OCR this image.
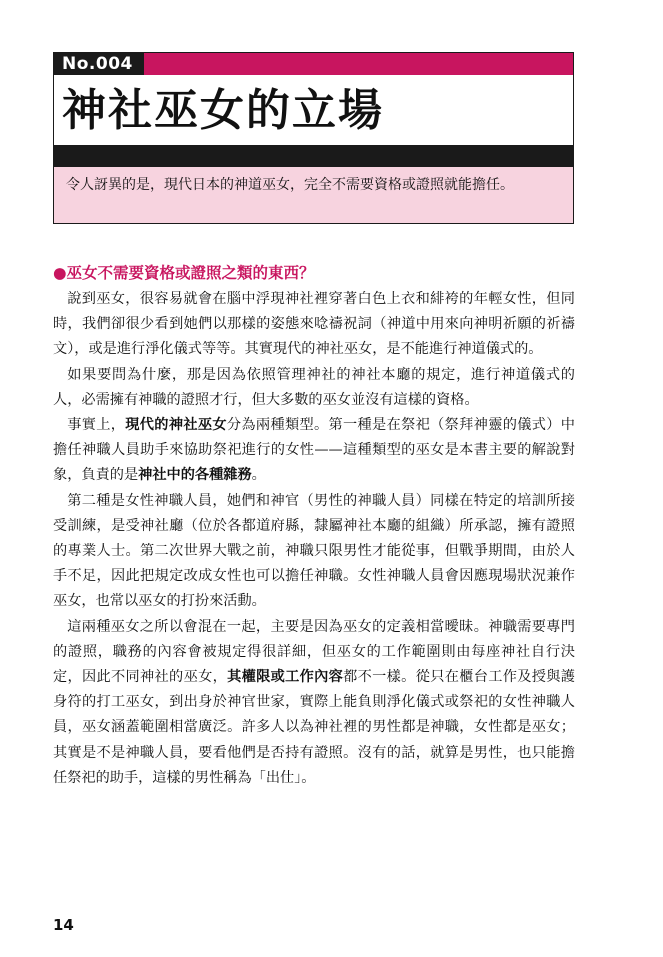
No.004
神社巫女的立場
令人訝異的是，現代日本的神道巫女，完全不需要資格或證照就能擔任。
●巫女不需要資格或證照之類的東西？

說到巫女，很容易就會在腦中浮現神社裡穿著白色上衣和緋袴的年輕女性，但同時，我們卻很少看到她們以那樣的姿態來唸禱祝詞（神道中用來向神明祈願的祈禱文），或是進行淨化儀式等等。其實現代的神社巫女，是不能進行神道儀式的。

如果要問為什麼，那是因為依照管理神社的神社本廳的規定，進行神道儀式的人，必需擁有神職的證照才行，但大多數的巫女並沒有這樣的資格。

事實上，現代的神社巫女分為兩種類型。第一種是在祭祀（祭拜神靈的儀式）中擔任神職人員助手來協助祭祀進行的女性——這種類型的巫女是本書主要的解說對象，負責的是神社中的各種雜務。

第二種是女性神職人員，她們和神官（男性的神職人員）同樣在特定的培訓所接受訓練，是受神社廳（位於各都道府縣，隸屬神社本廳的組織）所承認，擁有證照的專業人士。第二次世界大戰之前，神職只限男性才能從事，但戰爭期間，由於人手不足，因此把規定改成女性也可以擔任神職。女性神職人員會因應現場狀況兼作巫女，也常以巫女的打扮來活動。

這兩種巫女之所以會混在一起，主要是因為巫女的定義相當曖昧。神職需要專門的證照，職務的內容會被規定得很詳細，但巫女的工作範圍則由每座神社自行決定，因此不同神社的巫女，其權限或工作內容都不一樣。從只在櫃台工作及授與護身符的打工巫女，到出身於神官世家，實際上能負則淨化儀式或祭祀的女性神職人員，巫女涵蓋範圍相當廣泛。許多人以為神社裡的男性都是神職，女性都是巫女；其實是不是神職人員，要看他們是否持有證照。沒有的話，就算是男性，也只能擔任祭祀的助手，這樣的男性稱為「出仕」。

14
